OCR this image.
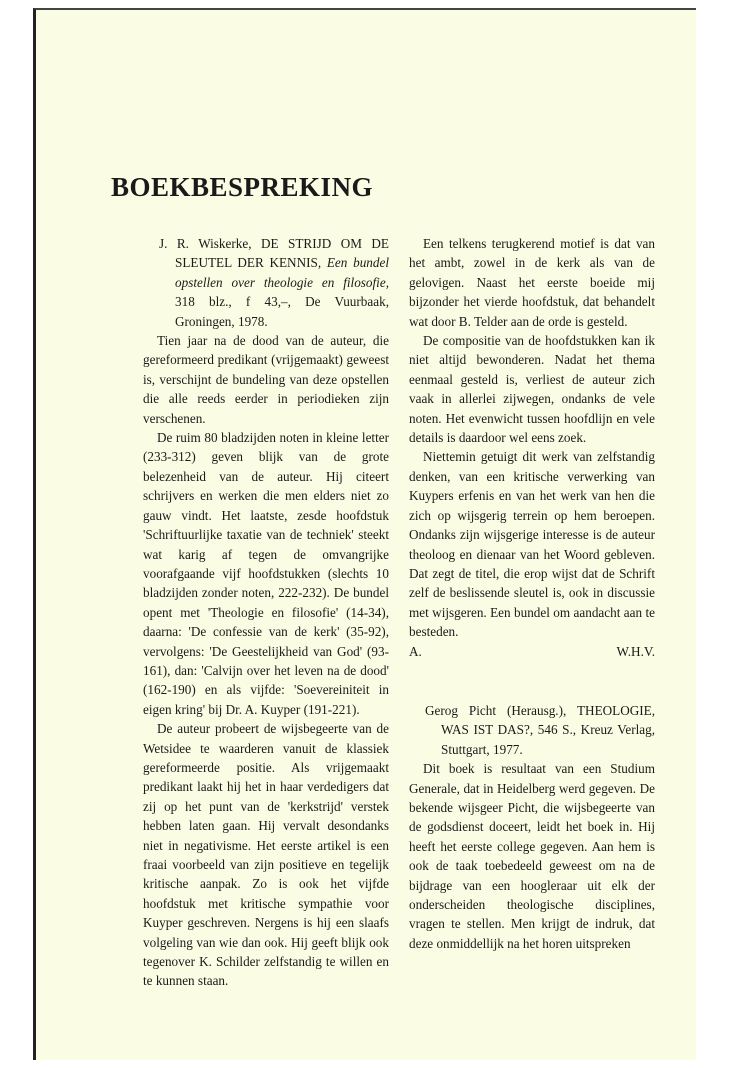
BOEKBESPREKING

J. R. Wiskerke, DE STRIJD OM DE SLEUTEL DER KENNIS, Een bundel opstellen over theologie en filosofie, 318 blz., f 43,–, De Vuurbaak, Groningen, 1978.

Tien jaar na de dood van de auteur, die gereformeerd predikant (vrijgemaakt) geweest is, verschijnt de bundeling van deze opstellen die alle reeds eerder in periodieken zijn verschenen.

De ruim 80 bladzijden noten in kleine letter (233-312) geven blijk van de grote belezenheid van de auteur. Hij citeert schrijvers en werken die men elders niet zo gauw vindt. Het laatste, zesde hoofdstuk 'Schriftuurlijke taxatie van de techniek' steekt wat karig af tegen de omvangrijke voorafgaande vijf hoofdstukken (slechts 10 bladzijden zonder noten, 222-232). De bundel opent met 'Theologie en filosofie' (14-34), daarna: 'De confessie van de kerk' (35-92), vervolgens: 'De Geestelijkheid van God' (93-161), dan: 'Calvijn over het leven na de dood' (162-190) en als vijfde: 'Soevereiniteit in eigen kring' bij Dr. A. Kuyper (191-221).

De auteur probeert de wijsbegeerte van de Wetsidee te waarderen vanuit de klassiek gereformeerde positie. Als vrijgemaakt predikant laakt hij het in haar verdedigers dat zij op het punt van de 'kerkstrijd' verstek hebben laten gaan. Hij vervalt desondanks niet in negativisme. Het eerste artikel is een fraai voorbeeld van zijn positieve en tegelijk kritische aanpak. Zo is ook het vijfde hoofdstuk met kritische sympathie voor Kuyper geschreven. Nergens is hij een slaafs volgeling van wie dan ook. Hij geeft blijk ook tegenover K. Schilder zelfstandig te willen en te kunnen staan.

Een telkens terugkerend motief is dat van het ambt, zowel in de kerk als van de gelovigen. Naast het eerste boeide mij bijzonder het vierde hoofdstuk, dat behandelt wat door B. Telder aan de orde is gesteld.

De compositie van de hoofdstukken kan ik niet altijd bewonderen. Nadat het thema eenmaal gesteld is, verliest de auteur zich vaak in allerlei zijwegen, ondanks de vele noten. Het evenwicht tussen hoofdlijn en vele details is daardoor wel eens zoek.

Niettemin getuigt dit werk van zelfstandig denken, van een kritische verwerking van Kuypers erfenis en van het werk van hen die zich op wijsgerig terrein op hem beroepen. Ondanks zijn wijsgerige interesse is de auteur theoloog en dienaar van het Woord gebleven. Dat zegt de titel, die erop wijst dat de Schrift zelf de beslissende sleutel is, ook in discussie met wijsgeren. Een bundel om aandacht aan te besteden.

A.	W.H.V.

Gerog Picht (Herausg.), THEOLOGIE, WAS IST DAS?, 546 S., Kreuz Verlag, Stuttgart, 1977.

Dit boek is resultaat van een Studium Generale, dat in Heidelberg werd gegeven. De bekende wijsgeer Picht, die wijsbegeerte van de godsdienst doceert, leidt het boek in. Hij heeft het eerste college gegeven. Aan hem is ook de taak toebedeeld geweest om na de bijdrage van een hoogleraar uit elk der onderscheiden theologische disciplines, vragen te stellen. Men krijgt de indruk, dat deze onmiddellijk na het horen uitspreken
